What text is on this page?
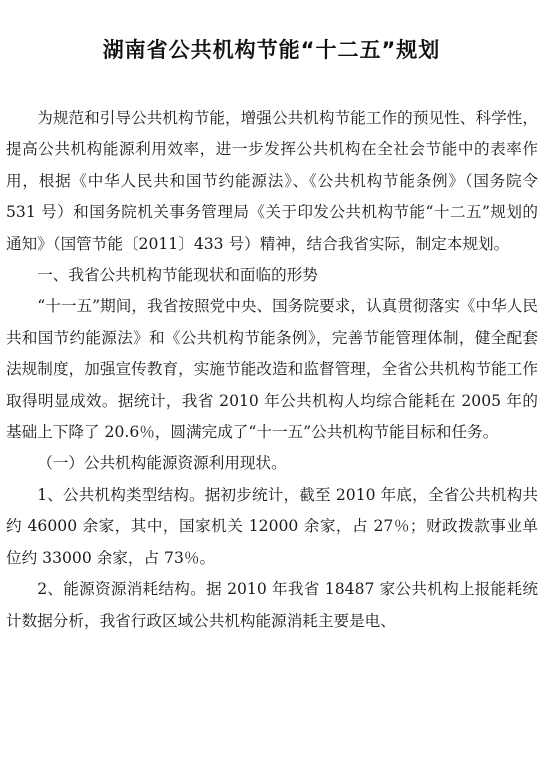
湖南省公共机构节能“十二五”规划

为规范和引导公共机构节能，增强公共机构节能工作的预见性、科学性，提高公共机构能源利用效率，进一步发挥公共机构在全社会节能中的表率作用，根据《中华人民共和国节约能源法》、《公共机构节能条例》（国务院令 531 号）和国务院机关事务管理局《关于印发公共机构节能“十二五”规划的通知》（国管节能〔2011〕433 号）精神，结合我省实际，制定本规划。

一、我省公共机构节能现状和面临的形势

“十一五”期间，我省按照党中央、国务院要求，认真贯彻落实《中华人民共和国节约能源法》和《公共机构节能条例》，完善节能管理体制，健全配套法规制度，加强宣传教育，实施节能改造和监督管理，全省公共机构节能工作取得明显成效。据统计，我省 2010 年公共机构人均综合能耗在 2005 年的基础上下降了 20.6％，圆满完成了“十一五”公共机构节能目标和任务。

（一）公共机构能源资源利用现状。

1、公共机构类型结构。据初步统计，截至 2010 年底，全省公共机构共约 46000 余家，其中，国家机关 12000 余家，占 27％；财政拨款事业单位约 33000 余家，占 73％。

2、能源资源消耗结构。据 2010 年我省 18487 家公共机构上报能耗统计数据分析，我省行政区域公共机构能源消耗主要是电、
